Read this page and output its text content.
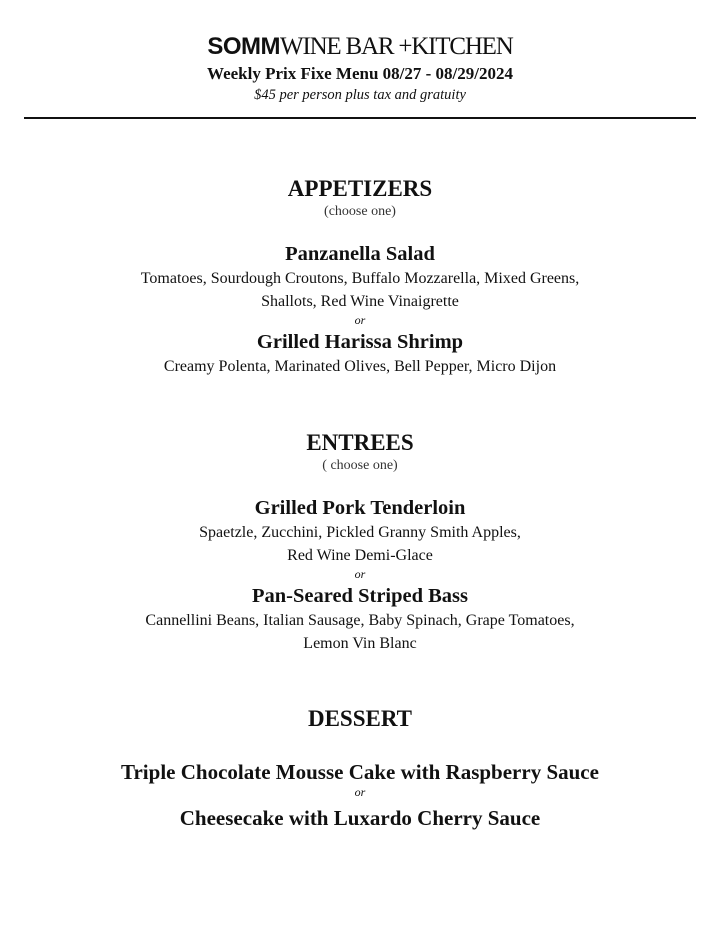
SOMMWINE BAR +KITCHEN
Weekly Prix Fixe Menu 08/27 - 08/29/2024
$45 per person plus tax and gratuity
APPETIZERS
(choose one)
Panzanella Salad
Tomatoes, Sourdough Croutons, Buffalo Mozzarella, Mixed Greens,
Shallots, Red Wine Vinaigrette
or
Grilled Harissa Shrimp
Creamy Polenta, Marinated Olives, Bell Pepper, Micro Dijon
ENTREES
( choose one)
Grilled Pork Tenderloin
Spaetzle, Zucchini, Pickled Granny Smith Apples,
Red Wine Demi-Glace
or
Pan-Seared Striped Bass
Cannellini Beans, Italian Sausage, Baby Spinach, Grape Tomatoes,
Lemon Vin Blanc
DESSERT
Triple Chocolate Mousse Cake with Raspberry Sauce
or
Cheesecake with Luxardo Cherry Sauce
